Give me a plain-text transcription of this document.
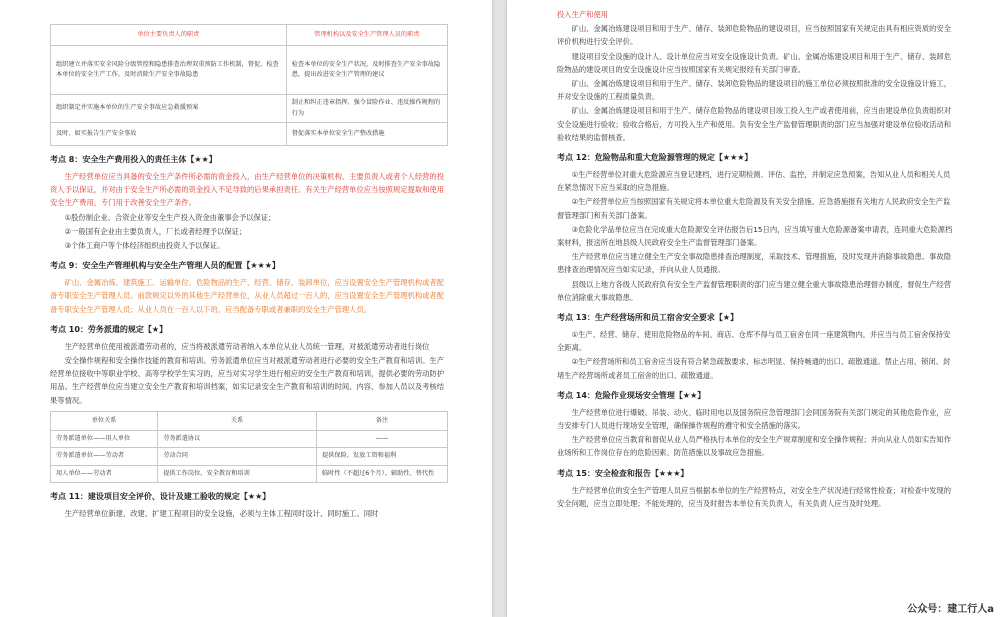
单位主要负责人的职责	管理机构以及安全生产管理人员的职责
组织建立并落实安全风险分级管控和隐患排查治理双重预防工作机制，督促、检查本单位的安全生产工作，及时消除生产安全事故隐患	检查本单位的安全生产状况，及时排查生产安全事故隐患，提出改进安全生产管理的建议
组织制定并实施本单位的生产安全事故应急救援预案	制止和纠正违章指挥、强令冒险作业、违反操作规程的行为
及时、如实报告生产安全事故	督促落实本单位安全生产整改措施

考点 8：安全生产费用投入的责任主体【★★】

生产经营单位应当具备的安全生产条件所必需的资金投入，由生产经营单位的决策机构、主要负责人或者个人经营的投资人予以保证，并对由于安全生产所必需的资金投入不足导致的后果承担责任。有关生产经营单位应当按照规定提取和使用安全生产费用，专门用于改善安全生产条件。

①股份制企业、合资企业等安全生产投入资金由董事会予以保证；

②一般国有企业由主要负责人，厂长或者经理予以保证；

③个体工商户等个体经济组织由投资人予以保证。

考点 9：安全生产管理机构与安全生产管理人员的配置【★★★】

矿山、金属冶炼、建筑施工、运输单位、危险物品的生产、经营、储存、装卸单位，应当设置安全生产管理机构或者配备专职安全生产管理人员。前款规定以外的其他生产经营单位，从业人员超过一百人的，应当设置安全生产管理机构或者配备专职安全生产管理人员；从业人员在一百人以下的，应当配备专职或者兼职的安全生产管理人员。

考点 10：劳务派遣的规定【★】

生产经营单位使用被派遣劳动者的，应当将被派遣劳动者纳入本单位从业人员统一管理，对被派遣劳动者进行岗位

安全操作规程和安全操作技能的教育和培训。劳务派遣单位应当对被派遣劳动者进行必要的安全生产教育和培训。生产经营单位接收中等职业学校、高等学校学生实习的，应当对实习学生进行相应的安全生产教育和培训，提供必要的劳动防护用品。生产经营单位应当建立安全生产教育和培训档案，如实记录安全生产教育和培训的时间、内容、参加人员以及考核结果等情况。

单位关系	关系	备注
劳务派遣单位——用人单位	劳务派遣协议	——
劳务派遣单位——劳动者	劳动合同	提供保险，发放工资和福利
用人单位——劳动者	提供工作岗位，安全教育和培训	临时性（不超过6个月）、辅助性、替代性

考点 11：建设项目安全评价、设计及建工验收的规定【★★】

生产经营单位新建、改建、扩建工程项目的安全设施，必须与主体工程同时设计、同时施工、同时

投入生产和使用

矿山、金属冶炼建设项目和用于生产、储存、装卸危险物品的建设项目，应当按照国家有关规定由具有相应资质的安全评价机构进行安全评价。

建设项目安全设施的设计人、设计单位应当对安全设施设计负责。矿山、金属冶炼建设项目和用于生产、储存、装卸危险物品的建设项目的安全设施设计应当按照国家有关规定报经有关部门审查。

矿山、金属冶炼建设项目和用于生产、储存、装卸危险物品的建设项目的施工单位必须按照批准的安全设施设计施工，并对安全设施的工程质量负责。

矿山、金属冶炼建设项目和用于生产、储存危险物品的建设项目竣工投入生产或者使用前，应当由建设单位负责组织对安全设施进行验收；验收合格后，方可投入生产和使用。负有安全生产监督管理职责的部门应当加强对建设单位验收活动和验收结果的监督核查。

考点 12：危险物品和重大危险源管理的规定【★★★】

①生产经营单位对重大危险源应当登记建档，进行定期检测、评估、监控，并制定应急预案，告知从业人员和相关人员在紧急情况下应当采取的应急措施。

②生产经营单位应当按照国家有关规定将本单位重大危险源及有关安全措施、应急措施报有关地方人民政府安全生产监督管理部门和有关部门备案。

③危险化学品单位应当在完成重大危险源安全评估报告后15日内，应当填写重大危险源备案申请表，连同重大危险源档案材料，报送所在地县级人民政府安全生产监督管理部门备案。

生产经营单位应当建立健全生产安全事故隐患排查治理制度，采取技术、管理措施，及时发现并消除事故隐患。事故隐患排查治理情况应当如实记录，并向从业人员通报。

县级以上地方各级人民政府负有安全生产监督管理职责的部门应当建立健全重大事故隐患治理督办制度，督促生产经营单位消除重大事故隐患。

考点 13：生产经营场所和员工宿舍安全要求【★】

①生产、经营、储存、使用危险物品的车间、商店、仓库不得与员工宿舍在同一座建筑物内，并应当与员工宿舍保持安全距离。

②生产经营场所和员工宿舍应当设有符合紧急疏散要求、标志明显、保持畅通的出口、疏散通道。禁止占用、锁闭、封堵生产经营场所或者员工宿舍的出口、疏散通道。

考点 14：危险作业现场安全管理【★★】

生产经营单位进行爆破、吊装、动火、临时用电以及国务院应急管理部门会同国务院有关部门规定的其他危险作业，应当安排专门人员进行现场安全管理，确保操作规程的遵守和安全措施的落实。

生产经营单位应当教育和督促从业人员严格执行本单位的安全生产规章制度和安全操作规程；并向从业人员如实告知作业场所和工作岗位存在的危险因素、防范措施以及事故应急措施。

考点 15：安全检查和报告【★★★】

生产经营单位的安全生产管理人员应当根据本单位的生产经营特点，对安全生产状况进行经常性检查；对检查中发现的安全问题，应当立即处理；不能处理的，应当及时报告本单位有关负责人，有关负责人应当及时处理。

公众号：建工行人a
